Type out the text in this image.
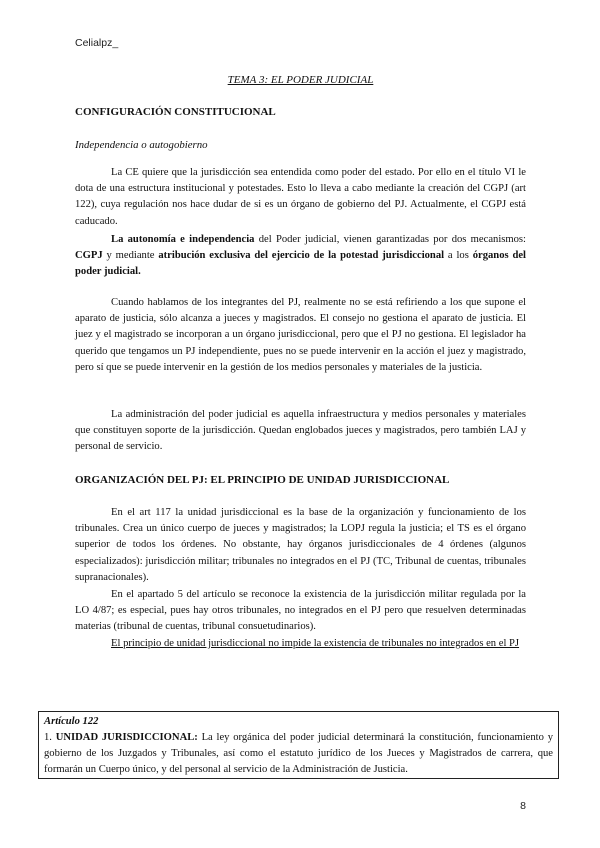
Celialpz_
TEMA 3: EL PODER JUDICIAL
CONFIGURACIÓN CONSTITUCIONAL
Independencia o autogobierno

La CE quiere que la jurisdicción sea entendida como poder del estado. Por ello en el título VI le dota de una estructura institucional y potestades. Esto lo lleva a cabo mediante la creación del CGPJ (art 122), cuya regulación nos hace dudar de si es un órgano de gobierno del PJ. Actualmente, el CGPJ está caducado.

La autonomía e independencia del Poder judicial, vienen garantizadas por dos mecanismos: CGPJ y mediante atribución exclusiva del ejercicio de la potestad jurisdiccional a los órganos del poder judicial.

Cuando hablamos de los integrantes del PJ, realmente no se está refiriendo a los que supone el aparato de justicia, sólo alcanza a jueces y magistrados. El consejo no gestiona el aparato de justicia. El juez y el magistrado se incorporan a un órgano jurisdiccional, pero que el PJ no gestiona. El legislador ha querido que tengamos un PJ independiente, pues no se puede intervenir en la acción el juez y magistrado, pero sí que se puede intervenir en la gestión de los medios personales y materiales de la justicia.

La administración del poder judicial es aquella infraestructura y medios personales y materiales que constituyen soporte de la jurisdicción. Quedan englobados jueces y magistrados, pero también LAJ y personal de servicio.

ORGANIZACIÓN DEL PJ: EL PRINCIPIO DE UNIDAD JURISDICCIONAL

En el art 117 la unidad jurisdiccional es la base de la organización y funcionamiento de los tribunales. Crea un único cuerpo de jueces y magistrados; la LOPJ regula la justicia; el TS es el órgano superior de todos los órdenes. No obstante, hay órganos jurisdiccionales de 4 órdenes (algunos especializados): jurisdicción militar; tribunales no integrados en el PJ (TC, Tribunal de cuentas, tribunales supranacionales).

En el apartado 5 del artículo se reconoce la existencia de la jurisdicción militar regulada por la LO 4/87; es especial, pues hay otros tribunales, no integrados en el PJ pero que resuelven determinadas materias (tribunal de cuentas, tribunal consuetudinarios).

El principio de unidad jurisdiccional no impide la existencia de tribunales no integrados en el PJ

Artículo 122
1. UNIDAD JURISDICCIONAL: La ley orgánica del poder judicial determinará la constitución, funcionamiento y gobierno de los Juzgados y Tribunales, así como el estatuto jurídico de los Jueces y Magistrados de carrera, que formarán un Cuerpo único, y del personal al servicio de la Administración de Justicia.
8
